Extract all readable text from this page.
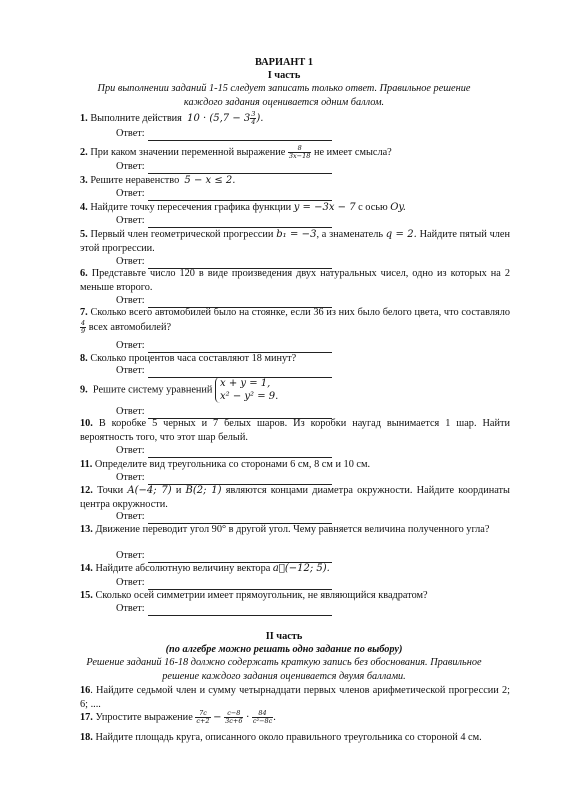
ВАРИАНТ 1
I часть
При выполнении заданий 1-15 следует записать только ответ. Правильное решение каждого задания оценивается одним баллом.
1. Выполните действия $10 \cdot (5,7 - 3 \frac{3}{4}$ ).
Ответ:
2. При каком значении переменной выражение $\frac{8}{3x-18}$ не имеет смысла?
Ответ:
3. Решите неравенство 5 − x ≤ 2.
Ответ:
4. Найдите точку пересечения графика функции y = −3x − 7 с осью Oy.
Ответ:
5. Первый член геометрической прогрессии b₁ = −3, а знаменатель q = 2. Найдите пятый член этой прогрессии.
Ответ:
6. Представьте число 120 в виде произведения двух натуральных чисел, одно из которых на 2 меньше второго.
Ответ:
7. Сколько всего автомобилей было на стоянке, если 36 из них было белого цвета, что составляло
$\frac{4}{9}$ всех автомобилей?
Ответ:
8. Сколько процентов часа составляют 18 минут?
Ответ:
9. Решите систему уравнений
x + y = 1,
x² − y² = 9.
Ответ:
10. В коробке 5 черных и 7 белых шаров. Из коробки наугад вынимается 1 шар. Найти вероятность того, что этот шар белый.
Ответ:
11. Определите вид треугольника со сторонами 6 см, 8 см и 10 см.
Ответ:
12. Точки A(−4; 7) и B(2; 1) являются концами диаметра окружности. Найдите координаты центра окружности.
Ответ:
13. Движение переводит угол 90° в другой угол. Чему равняется величина полученного угла?
Ответ:
14. Найдите абсолютную величину вектора a⃗(−12; 5).
Ответ:
15. Сколько осей симметрии имеет прямоугольник, не являющийся квадратом?
Ответ:
II часть
(по алгебре можно решать одно задание по выбору)
Решение заданий 16-18 должно содержать краткую запись без обоснования. Правильное решение каждого задания оценивается двумя баллами.
16. Найдите седьмой член и сумму четырнадцати первых членов арифметической прогрессии 2; 6; ....
17. Упростите выражение $\frac{7c}{c+2} - \frac{c-8}{3c+6} \cdot \frac{84}{\text{c²−8c}}$ .
18. Найдите площадь круга, описанного около правильного треугольника со стороной 4 см.
